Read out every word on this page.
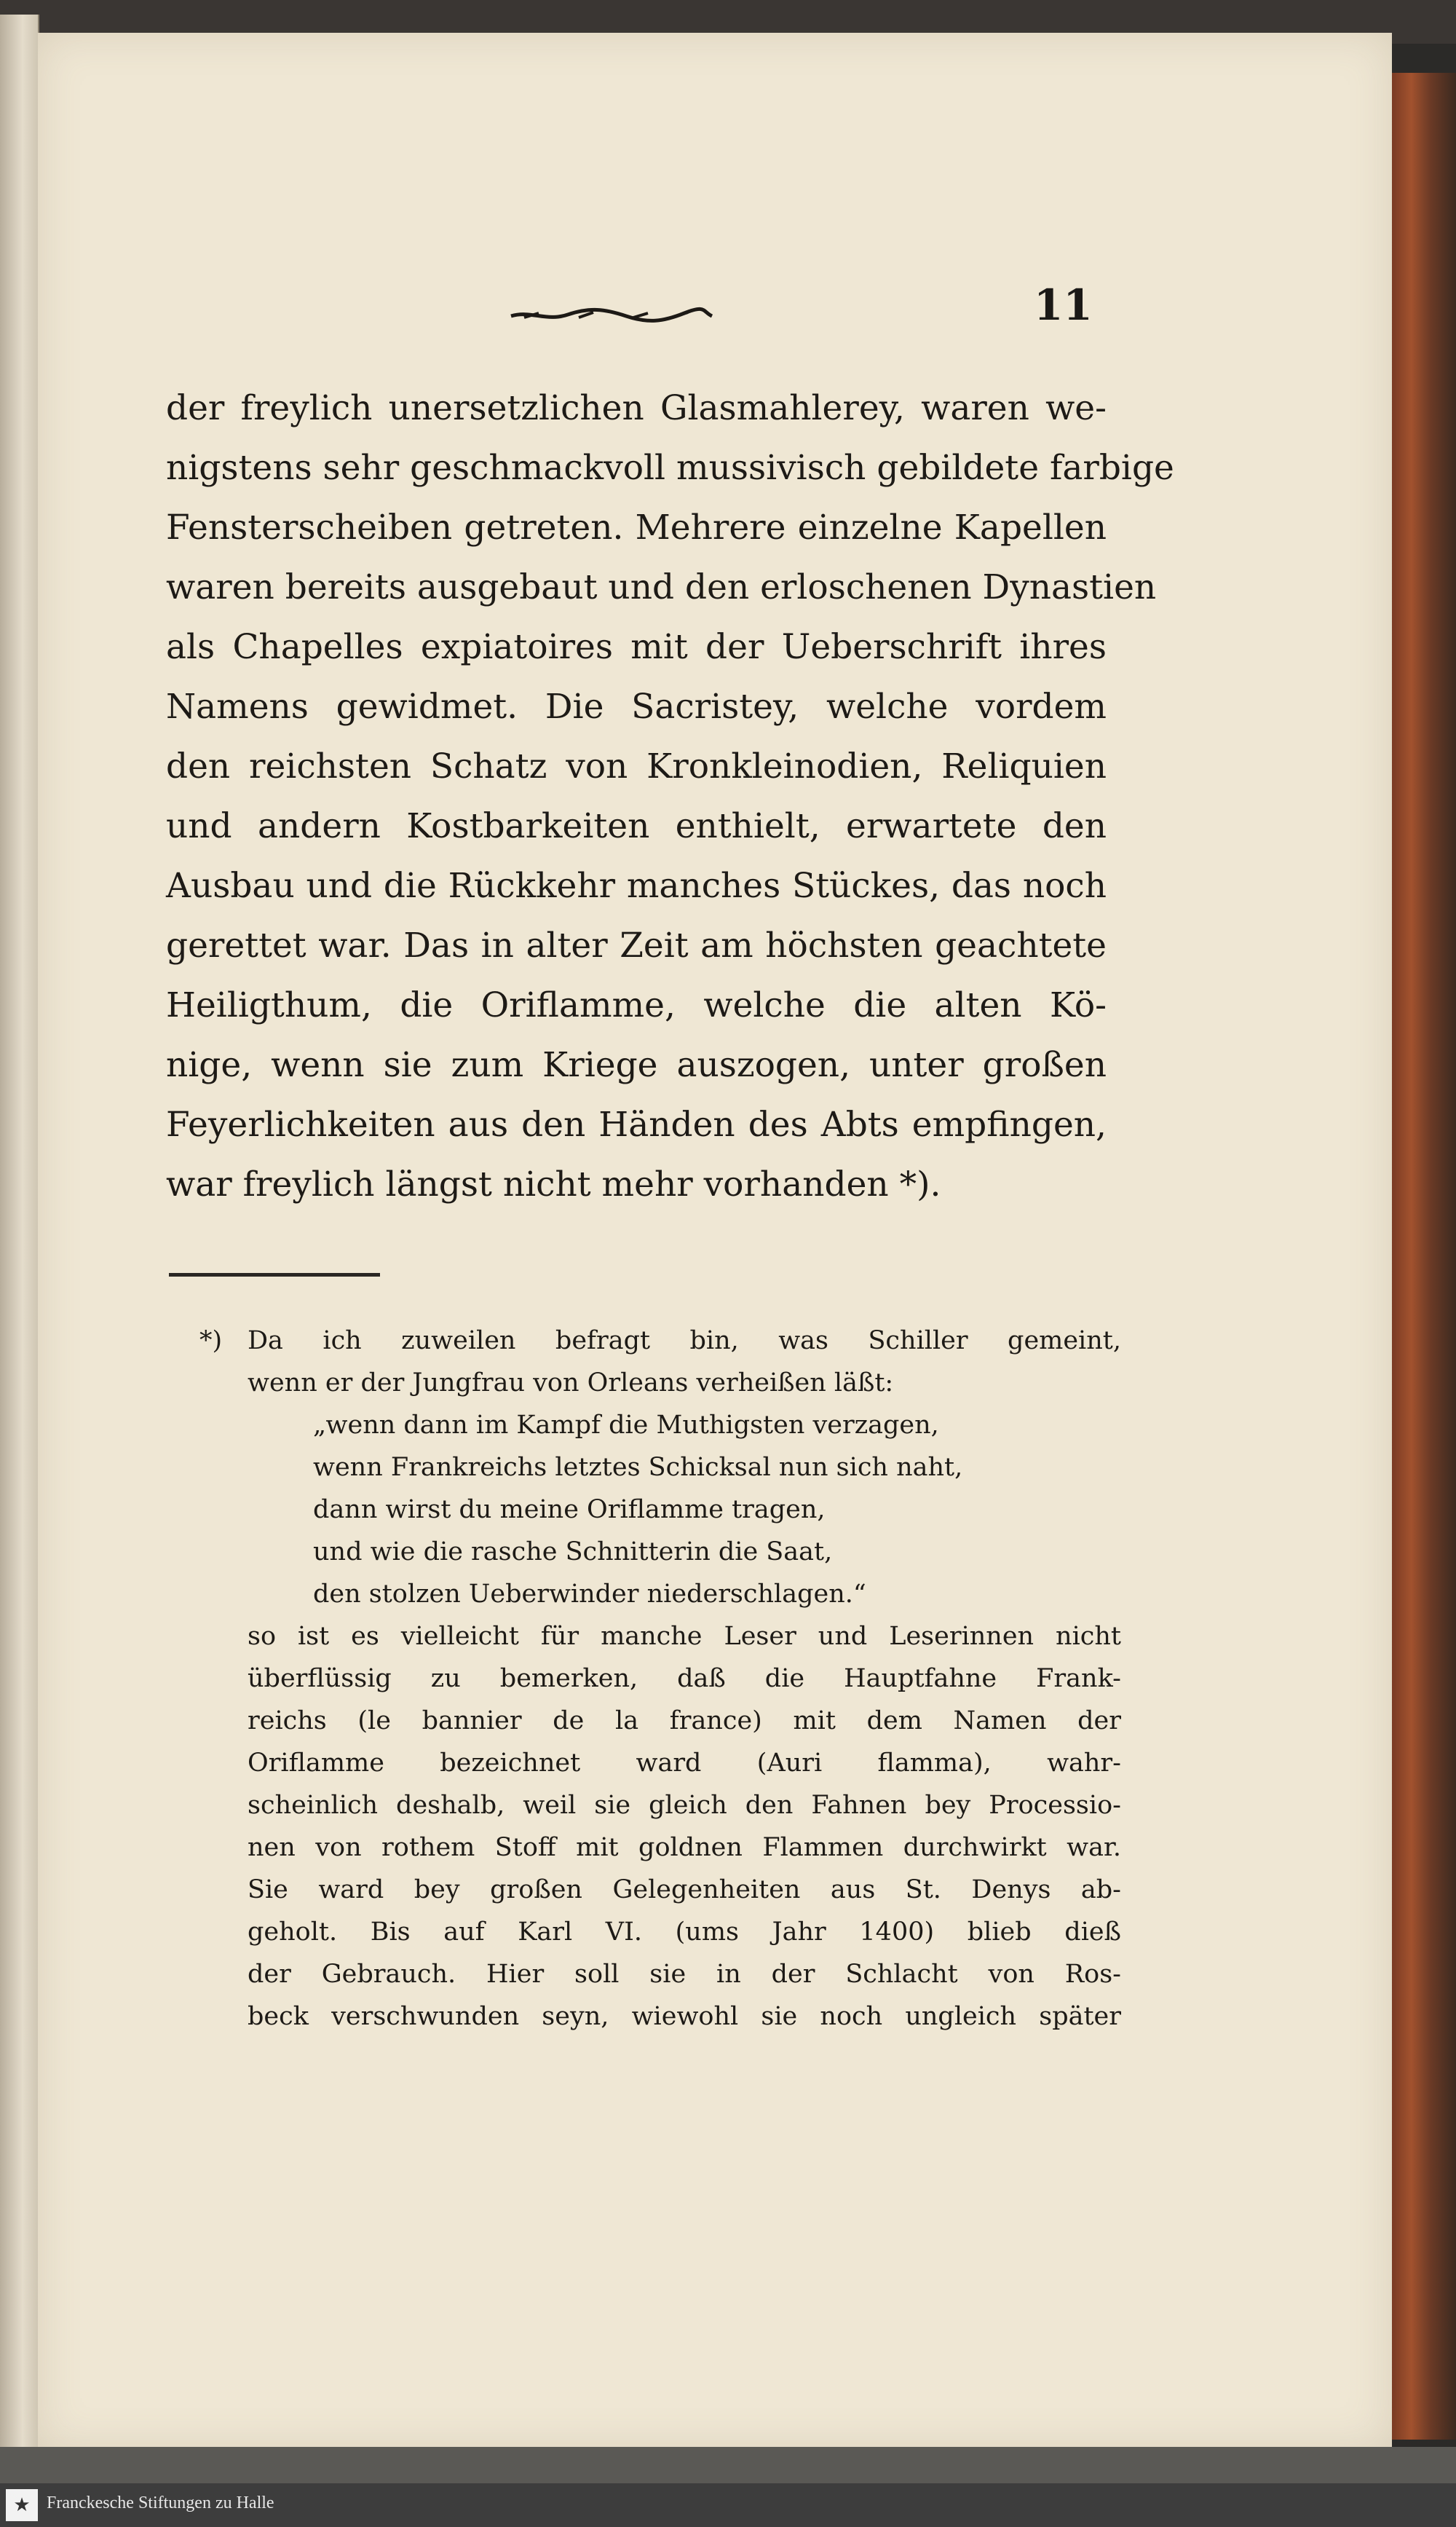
11
der freylich unersetzlichen Glasmahlerey, waren we-
nigstens sehr geschmackvoll mussivisch gebildete farbige
Fensterscheiben getreten. Mehrere einzelne Kapellen
waren bereits ausgebaut und den erloschenen Dynastien
als Chapelles expiatoires mit der Ueberschrift ihres
Namens gewidmet. Die Sacristey, welche vordem
den reichsten Schatz von Kronkleinodien, Reliquien
und andern Kostbarkeiten enthielt, erwartete den
Ausbau und die Rückkehr manches Stückes, das noch
gerettet war. Das in alter Zeit am höchsten geachtete
Heiligthum, die Oriflamme, welche die alten Kö-
nige, wenn sie zum Kriege auszogen, unter großen
Feyerlichkeiten aus den Händen des Abts empfingen,
war freylich längst nicht mehr vorhanden *).
*) Da ich zuweilen befragt bin, was Schiller gemeint,
wenn er der Jungfrau von Orleans verheißen läßt:
„wenn dann im Kampf die Muthigsten verzagen,
wenn Frankreichs letztes Schicksal nun sich naht,
dann wirst du meine Oriflamme tragen,
und wie die rasche Schnitterin die Saat,
den stolzen Ueberwinder niederschlagen.“
so ist es vielleicht für manche Leser und Leserinnen nicht
überflüssig zu bemerken, daß die Hauptfahne Frank-
reichs (le bannier de la france) mit dem Namen der
Oriflamme bezeichnet ward (Auri flamma), wahr-
scheinlich deshalb, weil sie gleich den Fahnen bey Processio-
nen von rothem Stoff mit goldnen Flammen durchwirkt war.
Sie ward bey großen Gelegenheiten aus St. Denys ab-
geholt. Bis auf Karl VI. (ums Jahr 1400) blieb dieß
der Gebrauch. Hier soll sie in der Schlacht von Ros-
beck verschwunden seyn, wiewohl sie noch ungleich später
★ Franckesche Stiftungen zu Halle
